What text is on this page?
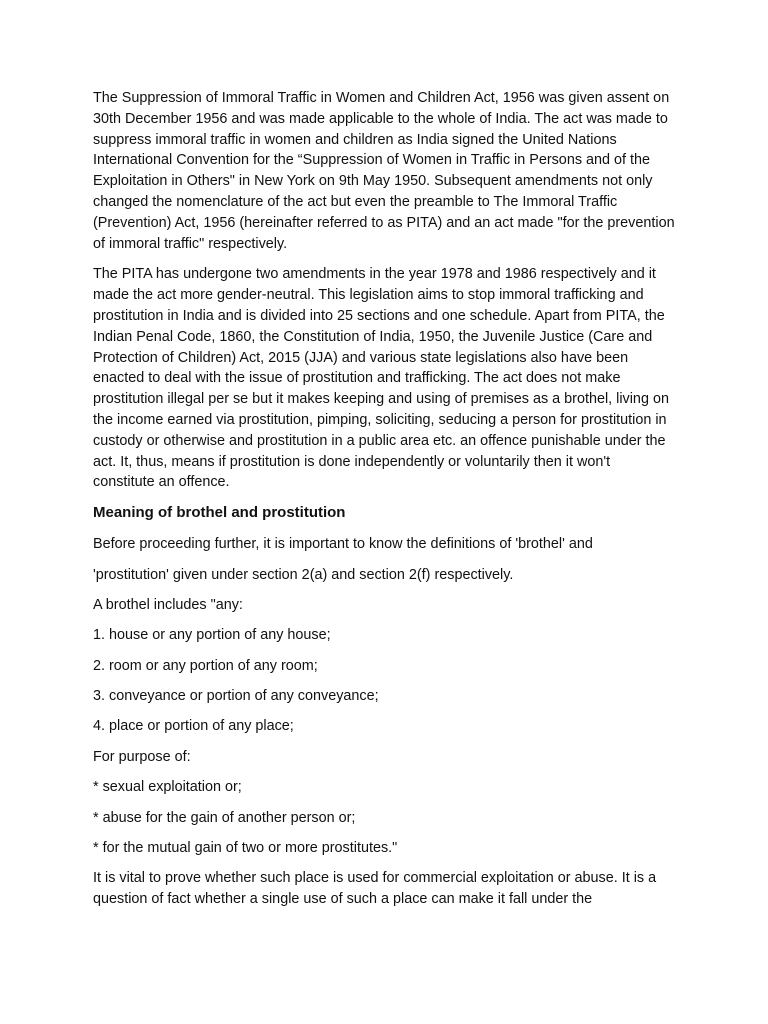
The Suppression of Immoral Traffic in Women and Children Act, 1956 was given assent on 30th December 1956 and was made applicable to the whole of India. The act was made to suppress immoral traffic in women and children as India signed the United Nations International Convention for the “Suppression of Women in Traffic in Persons and of the Exploitation in Others" in New York on 9th May 1950. Subsequent amendments not only changed the nomenclature of the act but even the preamble to The Immoral Traffic (Prevention) Act, 1956 (hereinafter referred to as PITA) and an act made "for the prevention of immoral traffic" respectively.

The PITA has undergone two amendments in the year 1978 and 1986 respectively and it made the act more gender-neutral. This legislation aims to stop immoral trafficking and prostitution in India and is divided into 25 sections and one schedule. Apart from PITA, the Indian Penal Code, 1860, the Constitution of India, 1950, the Juvenile Justice (Care and Protection of Children) Act, 2015 (JJA) and various state legislations also have been enacted to deal with the issue of prostitution and trafficking. The act does not make prostitution illegal per se but it makes keeping and using of premises as a brothel, living on the income earned via prostitution, pimping, soliciting, seducing a person for prostitution in custody or otherwise and prostitution in a public area etc. an offence punishable under the act. It, thus, means if prostitution is done independently or voluntarily then it won't constitute an offence.

Meaning of brothel and prostitution

Before proceeding further, it is important to know the definitions of 'brothel' and

'prostitution' given under section 2(a) and section 2(f) respectively.

A brothel includes "any:

1. house or any portion of any house;

2. room or any portion of any room;

3. conveyance or portion of any conveyance;

4. place or portion of any place;

For purpose of:

* sexual exploitation or;

* abuse for the gain of another person or;

* for the mutual gain of two or more prostitutes."

It is vital to prove whether such place is used for commercial exploitation or abuse. It is a question of fact whether a single use of such a place can make it fall under the
